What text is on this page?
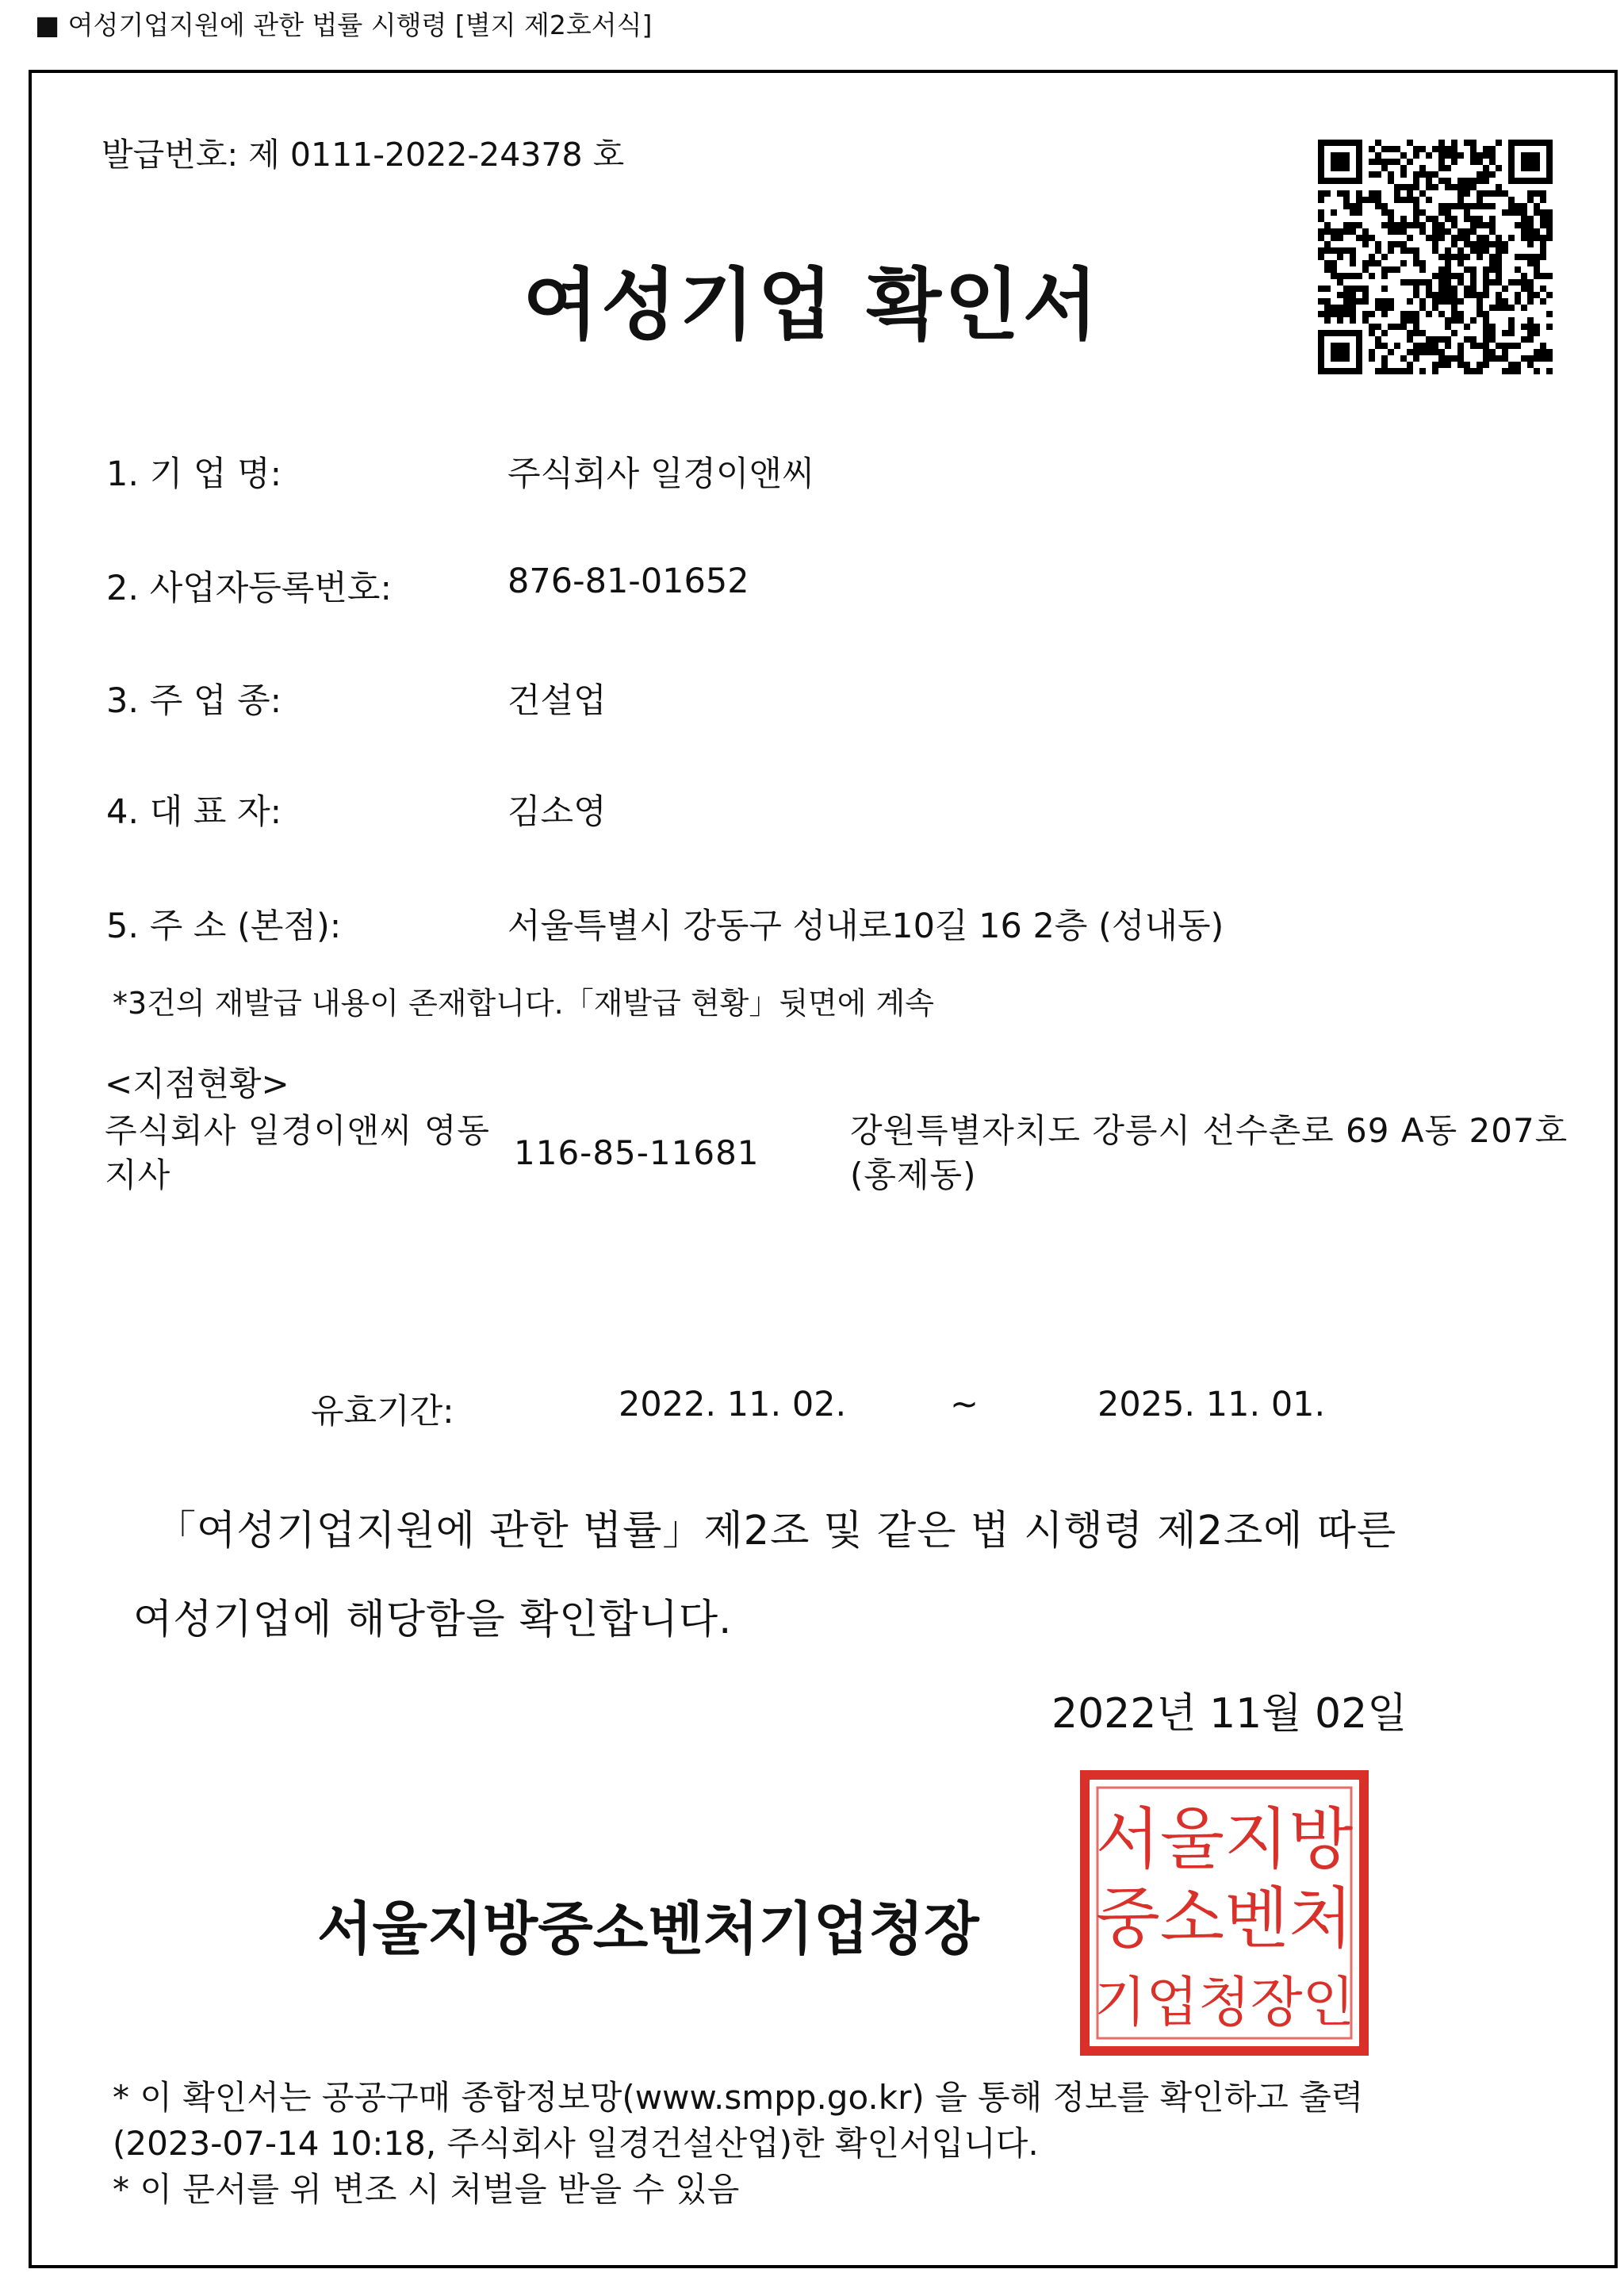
■ 여성기업지원에 관한 법률 시행령 [별지 제2호서식]
발급번호: 제 0111-2022-24378 호
여성기업 확인서
1. 기 업 명:	주식회사 일경이앤씨
2. 사업자등록번호:	876-81-01652
3. 주 업 종:	건설업
4. 대 표 자:	김소영
5. 주 소 (본점):	서울특별시 강동구 성내로10길 16 2층 (성내동)
*3건의 재발급 내용이 존재합니다.「재발급 현황」뒷면에 계속
<지점현황>
주식회사 일경이앤씨 영동지사
116-85-11681
강원특별자치도 강릉시 선수촌로 69 A동 207호 (홍제동)
유효기간:	2022. 11. 02.	~	2025. 11. 01.
「여성기업지원에 관한 법률」제2조 및 같은 법 시행령 제2조에 따른
여성기업에 해당함을 확인합니다.
2022년 11월 02일
서울지방중소벤처기업청장
서울지방
중소벤처
기업청장인
* 이 확인서는 공공구매 종합정보망(www.smpp.go.kr) 을 통해 정보를 확인하고 출력
(2023-07-14 10:18, 주식회사 일경건설산업)한 확인서입니다.
* 이 문서를 위 변조 시 처벌을 받을 수 있음
